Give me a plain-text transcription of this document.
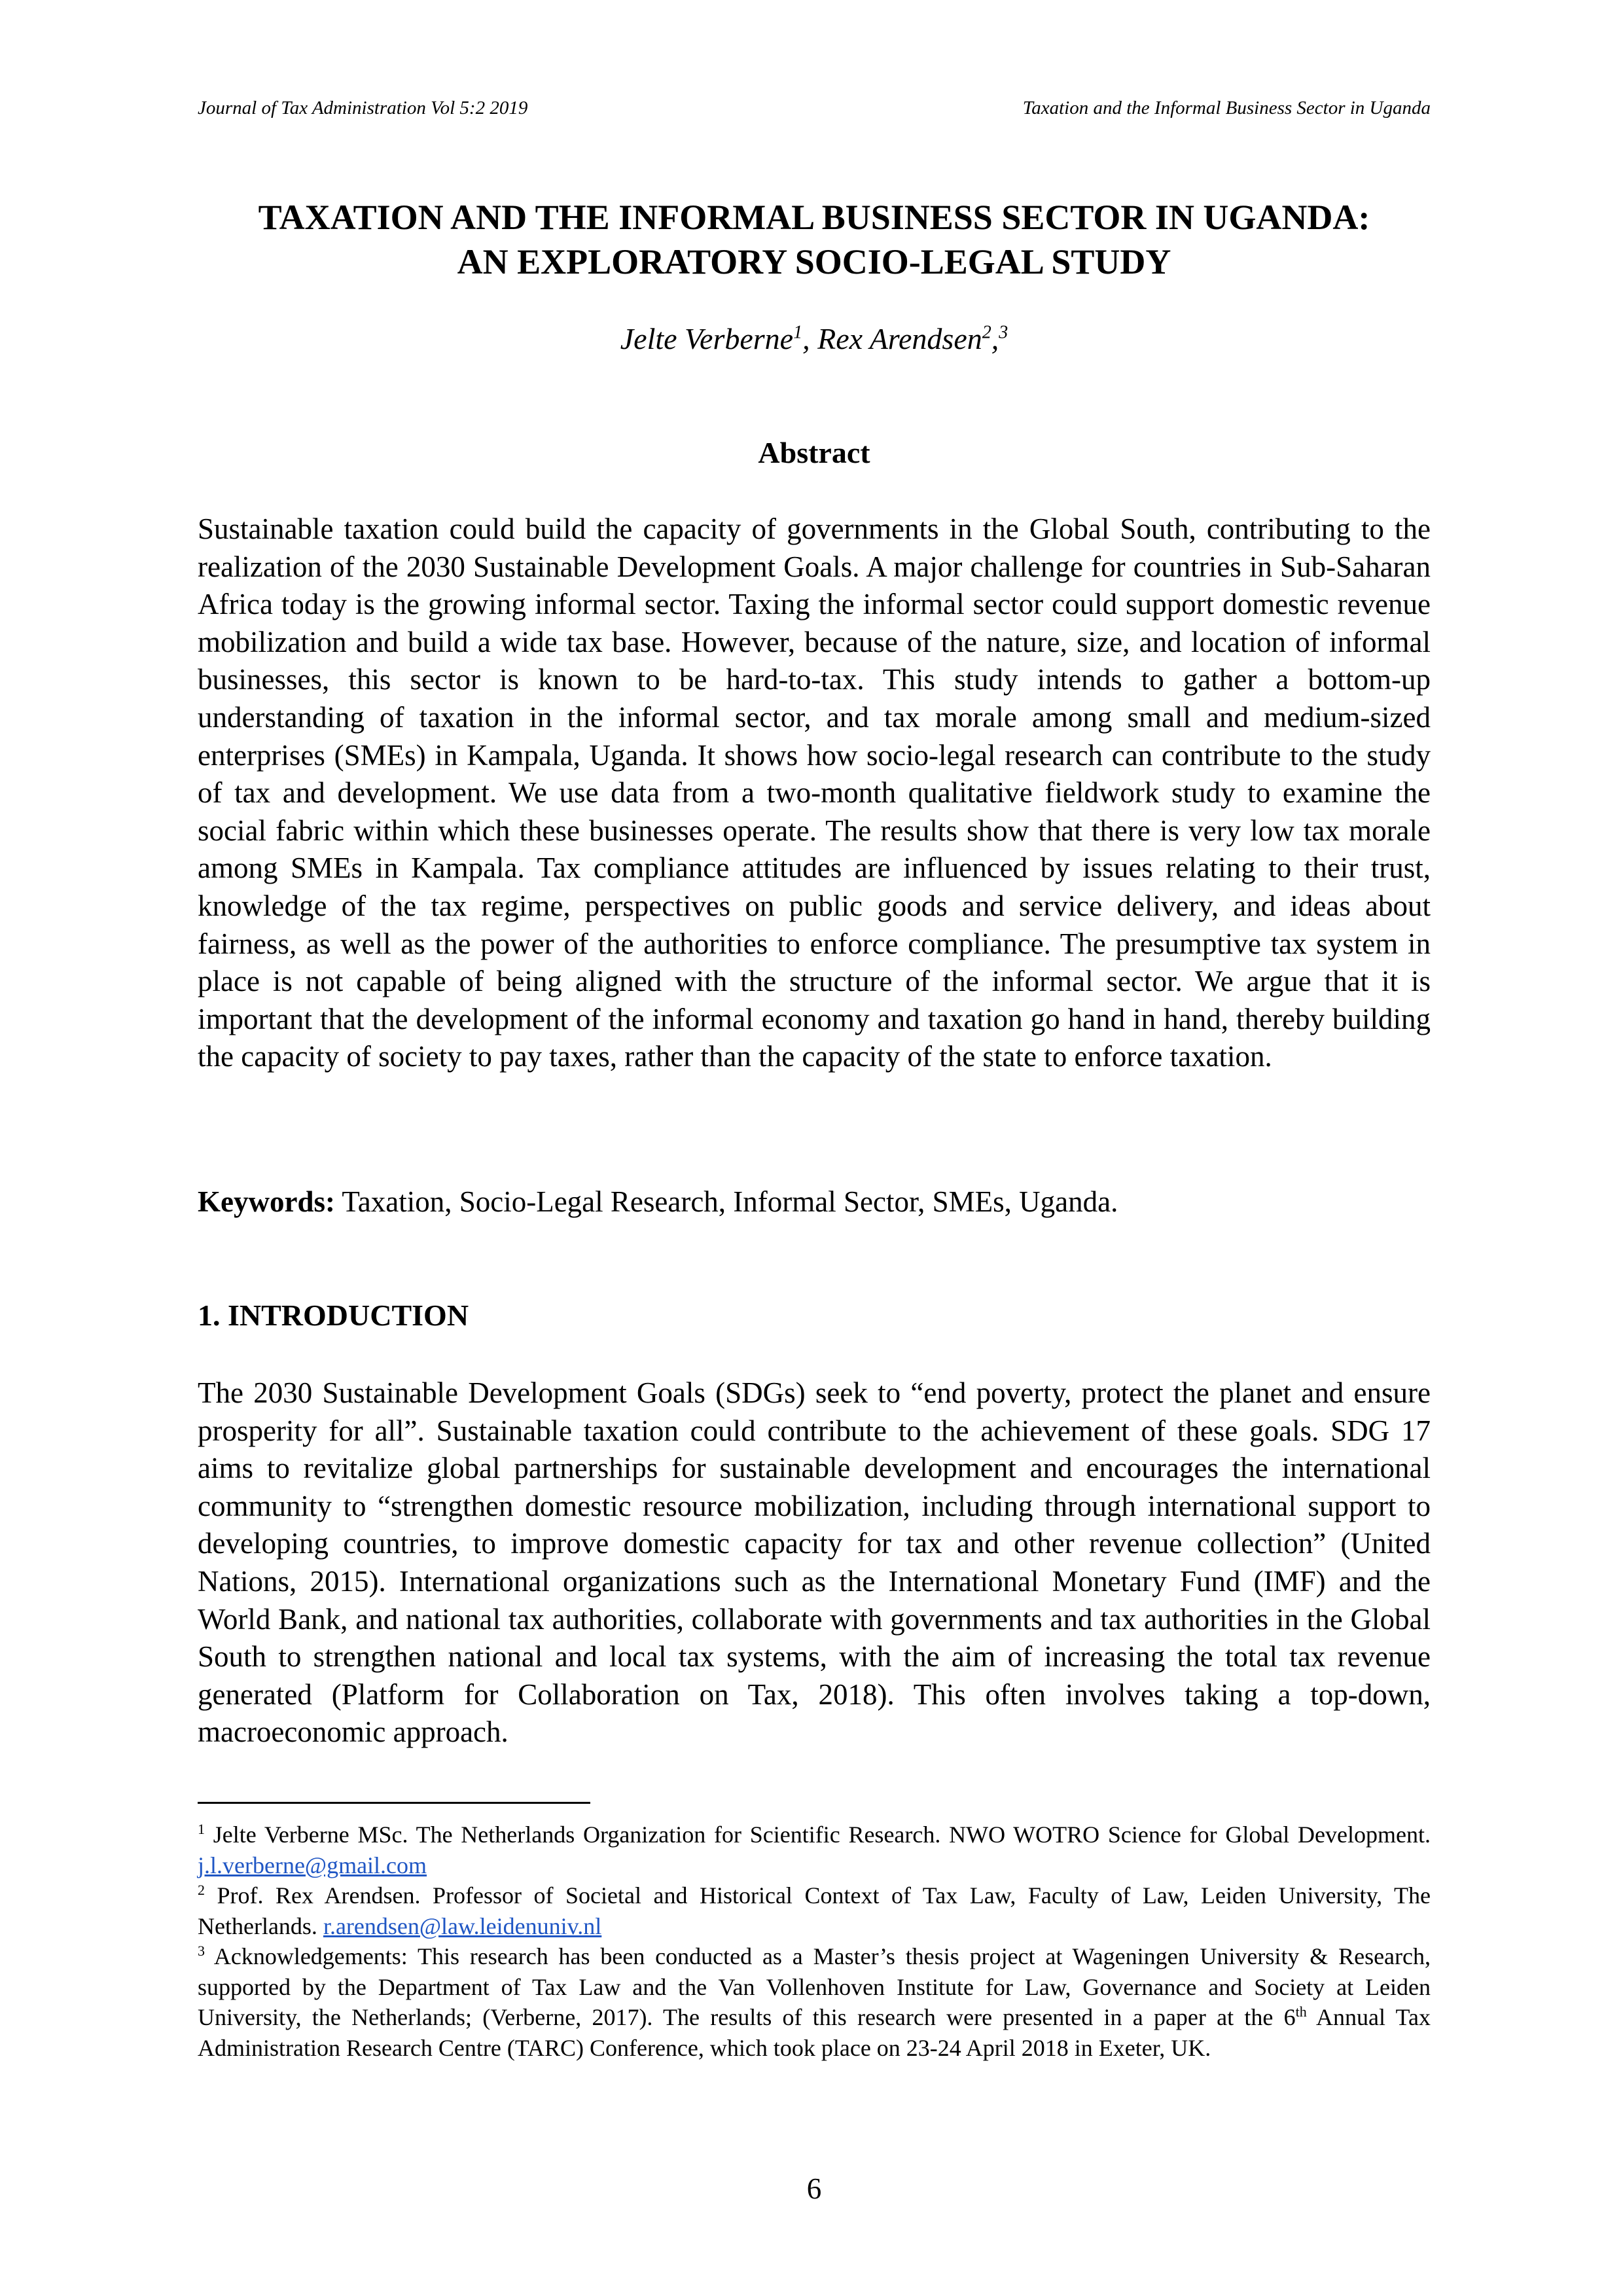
Journal of Tax Administration Vol 5:2 2019	Taxation and the Informal Business Sector in Uganda
TAXATION AND THE INFORMAL BUSINESS SECTOR IN UGANDA:
AN EXPLORATORY SOCIO-LEGAL STUDY
Jelte Verberne$^1$, Rex Arendsen$^2$,$^3$
Abstract

Sustainable taxation could build the capacity of governments in the Global South, contributing to the realization of the 2030 Sustainable Development Goals. A major challenge for countries in Sub-Saharan Africa today is the growing informal sector. Taxing the informal sector could support domestic revenue mobilization and build a wide tax base. However, because of the nature, size, and location of informal businesses, this sector is known to be hard-to-tax. This study intends to gather a bottom-up understanding of taxation in the informal sector, and tax morale among small and medium-sized enterprises (SMEs) in Kampala, Uganda. It shows how socio-legal research can contribute to the study of tax and development. We use data from a two-month qualitative fieldwork study to examine the social fabric within which these businesses operate. The results show that there is very low tax morale among SMEs in Kampala. Tax compliance attitudes are influenced by issues relating to their trust, knowledge of the tax regime, perspectives on public goods and service delivery, and ideas about fairness, as well as the power of the authorities to enforce compliance. The presumptive tax system in place is not capable of being aligned with the structure of the informal sector. We argue that it is important that the development of the informal economy and taxation go hand in hand, thereby building the capacity of society to pay taxes, rather than the capacity of the state to enforce taxation.

Keywords: Taxation, Socio-Legal Research, Informal Sector, SMEs, Uganda.

1. INTRODUCTION

The 2030 Sustainable Development Goals (SDGs) seek to “end poverty, protect the planet and ensure prosperity for all”. Sustainable taxation could contribute to the achievement of these goals. SDG 17 aims to revitalize global partnerships for sustainable development and encourages the international community to “strengthen domestic resource mobilization, including through international support to developing countries, to improve domestic capacity for tax and other revenue collection” (United Nations, 2015). International organizations such as the International Monetary Fund (IMF) and the World Bank, and national tax authorities, collaborate with governments and tax authorities in the Global South to strengthen national and local tax systems, with the aim of increasing the total tax revenue generated (Platform for Collaboration on Tax, 2018). This often involves taking a top-down, macroeconomic approach.

$^1$ Jelte Verberne MSc. The Netherlands Organization for Scientific Research. NWO WOTRO Science for Global Development. j.l.verberne@gmail.com

$^2$ Prof. Rex Arendsen. Professor of Societal and Historical Context of Tax Law, Faculty of Law, Leiden University, The Netherlands. r.arendsen@law.leidenuniv.nl

$^3$ Acknowledgements: This research has been conducted as a Master’s thesis project at Wageningen University & Research, supported by the Department of Tax Law and the Van Vollenhoven Institute for Law, Governance and Society at Leiden University, the Netherlands; (Verberne, 2017). The results of this research were presented in a paper at the 6th Annual Tax Administration Research Centre (TARC) Conference, which took place on 23-24 April 2018 in Exeter, UK.

6
